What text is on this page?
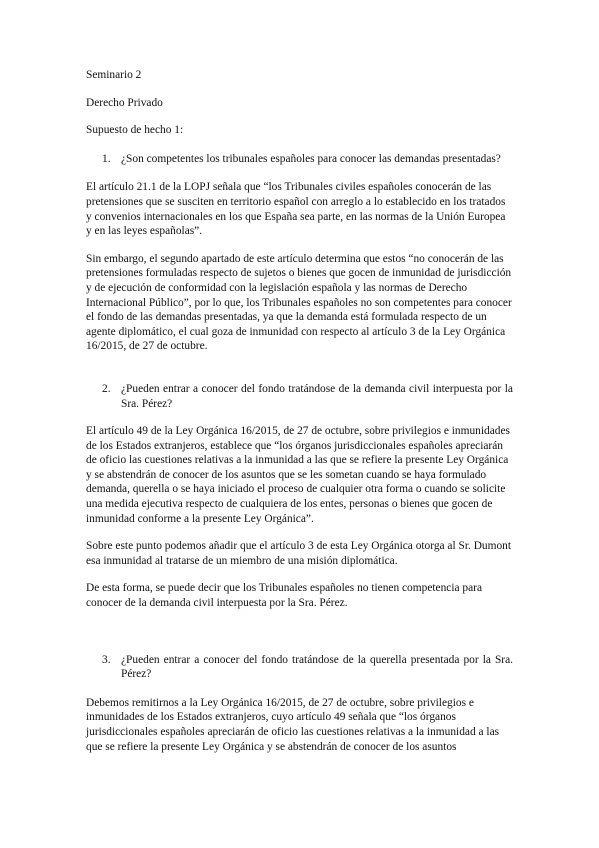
Seminario 2

Derecho Privado

Supuesto de hecho 1:

1. ¿Son competentes los tribunales españoles para conocer las demandas presentadas?

El artículo 21.1 de la LOPJ señala que “los Tribunales civiles españoles conocerán de las pretensiones que se susciten en territorio español con arreglo a lo establecido en los tratados y convenios internacionales en los que España sea parte, en las normas de la Unión Europea y en las leyes españolas”.

Sin embargo, el segundo apartado de este artículo determina que estos “no conocerán de las pretensiones formuladas respecto de sujetos o bienes que gocen de inmunidad de jurisdicción y de ejecución de conformidad con la legislación española y las normas de Derecho Internacional Público”, por lo que, los Tribunales españoles no son competentes para conocer el fondo de las demandas presentadas, ya que la demanda está formulada respecto de un agente diplomático, el cual goza de inmunidad con respecto al artículo 3 de la Ley Orgánica 16/2015, de 27 de octubre.

2. ¿Pueden entrar a conocer del fondo tratándose de la demanda civil interpuesta por la Sra. Pérez?

El artículo 49 de la Ley Orgánica 16/2015, de 27 de octubre, sobre privilegios e inmunidades de los Estados extranjeros, establece que “los órganos jurisdiccionales españoles apreciarán de oficio las cuestiones relativas a la inmunidad a las que se refiere la presente Ley Orgánica y se abstendrán de conocer de los asuntos que se les sometan cuando se haya formulado demanda, querella o se haya iniciado el proceso de cualquier otra forma o cuando se solicite una medida ejecutiva respecto de cualquiera de los entes, personas o bienes que gocen de inmunidad conforme a la presente Ley Orgánica”.

Sobre este punto podemos añadir que el artículo 3 de esta Ley Orgánica otorga al Sr. Dumont esa inmunidad al tratarse de un miembro de una misión diplomática.

De esta forma, se puede decir que los Tribunales españoles no tienen competencia para conocer de la demanda civil interpuesta por la Sra. Pérez.

3. ¿Pueden entrar a conocer del fondo tratándose de la querella presentada por la Sra. Pérez?

Debemos remitirnos a la Ley Orgánica 16/2015, de 27 de octubre, sobre privilegios e inmunidades de los Estados extranjeros, cuyo artículo 49 señala que “los órganos jurisdiccionales españoles apreciarán de oficio las cuestiones relativas a la inmunidad a las que se refiere la presente Ley Orgánica y se abstendrán de conocer de los asuntos
